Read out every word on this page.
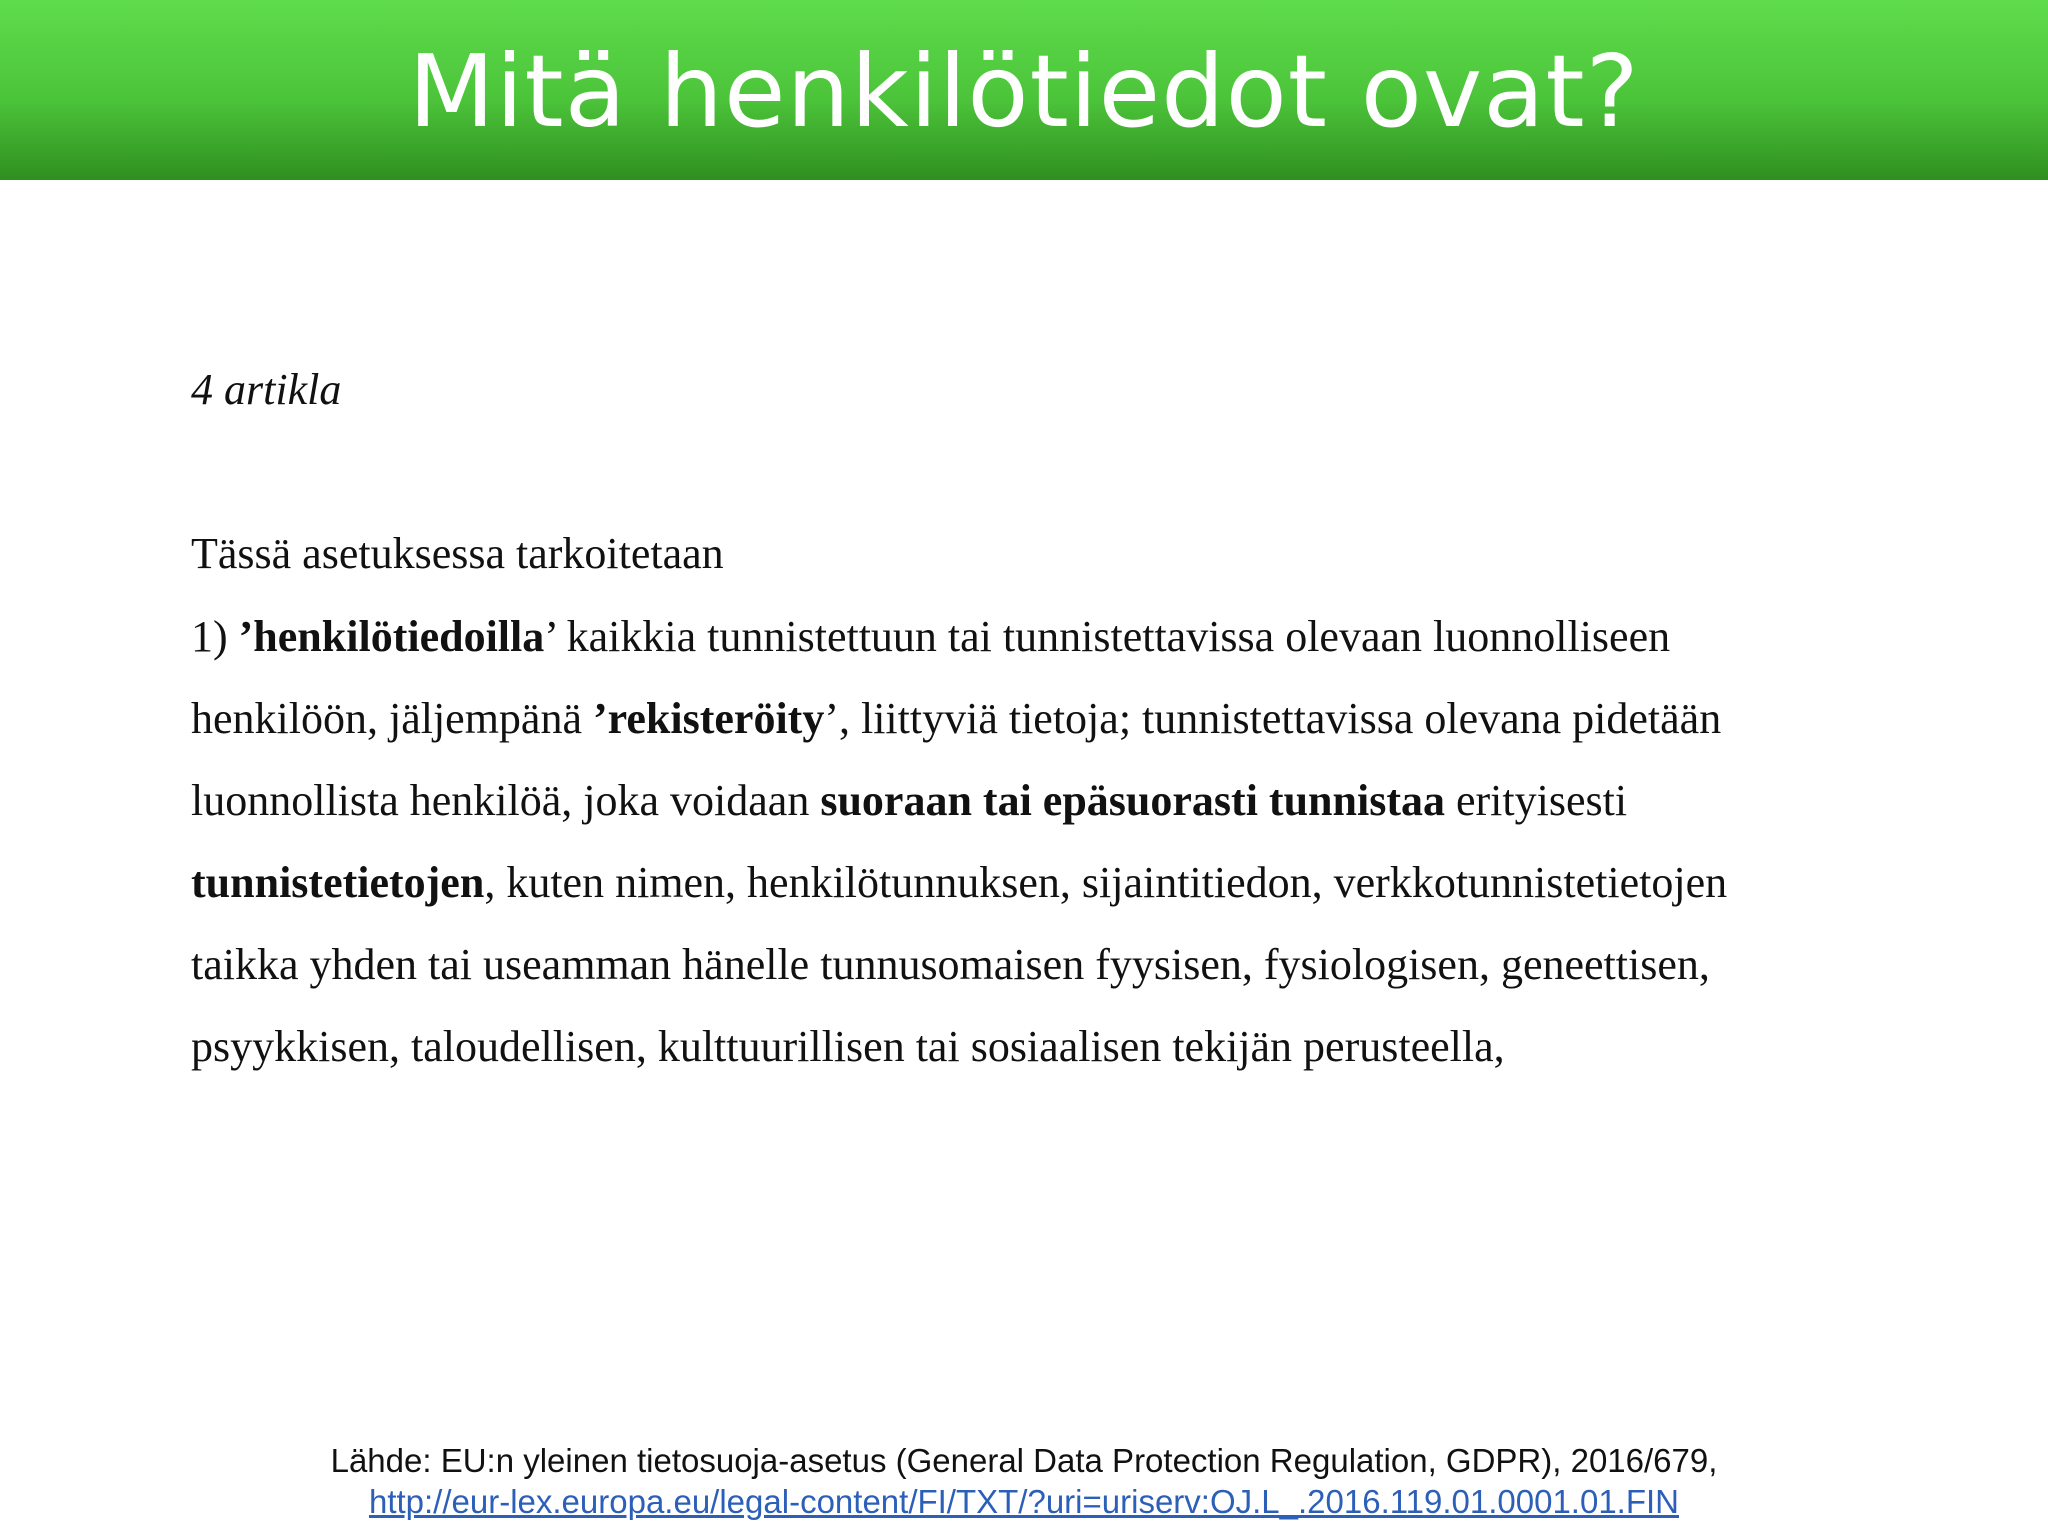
Mitä henkilötiedot ovat?
4 artikla
Tässä asetuksessa tarkoitetaan
1) ’henkilötiedoilla’ kaikkia tunnistettuun tai tunnistettavissa olevaan luonnolliseen
henkilöön, jäljempänä ’rekisteröity’, liittyviä tietoja; tunnistettavissa olevana pidetään
luonnollista henkilöä, joka voidaan suoraan tai epäsuorasti tunnistaa erityisesti
tunnistetietojen, kuten nimen, henkilötunnuksen, sijaintitiedon, verkkotunnistetietojen
taikka yhden tai useamman hänelle tunnusomaisen fyysisen, fysiologisen, geneettisen,
psyykkisen, taloudellisen, kulttuurillisen tai sosiaalisen tekijän perusteella,
Lähde: EU:n yleinen tietosuoja-asetus (General Data Protection Regulation, GDPR), 2016/679,
http://eur-lex.europa.eu/legal-content/FI/TXT/?uri=uriserv:OJ.L_.2016.119.01.0001.01.FIN
